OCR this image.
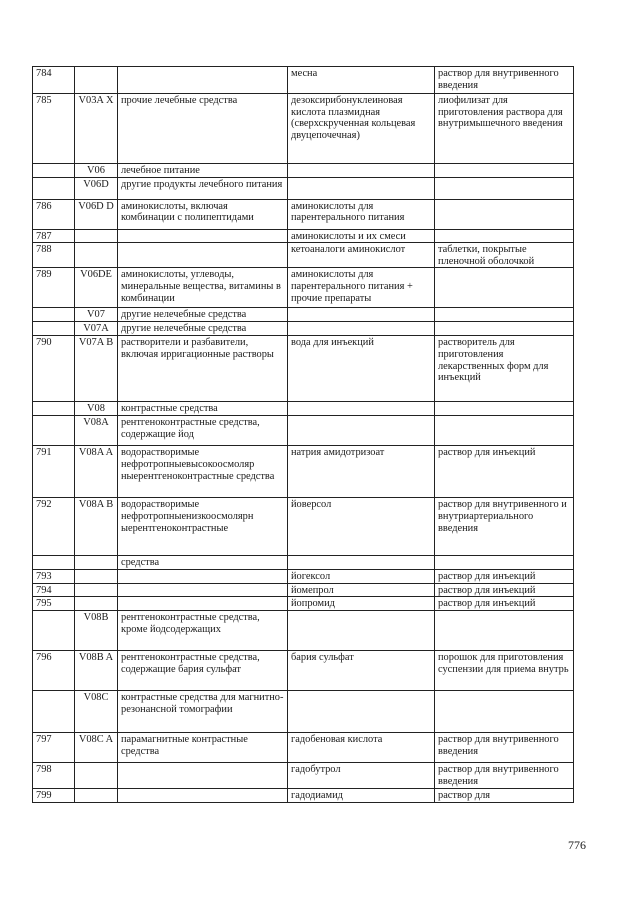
784			месна	раствор для внутривенного введения
785	V03A X	прочие лечебные средства	дезоксирибонуклеиновая кислота плазмидная (сверхскрученная кольцевая двуцепочечная)	лиофилизат для приготовления раствора для внутримышечного введения
	V06	лечебное питание		
	V06D	другие продукты лечебного питания		
786	V06D D	аминокислоты, включая комбинации с полипептидами	аминокислоты для парентерального питания	
787			аминокислоты и их смеси	
788			кетоаналоги аминокислот	таблетки, покрытые пленочной оболочкой
789	V06DE	аминокислоты, углеводы, минеральные вещества, витамины в комбинации	аминокислоты для парентерального питания + прочие препараты	
	V07	другие нелечебные средства		
	V07A	другие нелечебные средства		
790	V07A B	растворители и разбавители, включая ирригационные растворы	вода для инъекций	растворитель для приготовления лекарственных форм для инъекций
	V08	контрастные средства		
	V08A	рентгеноконтрастные средства, содержащие йод		
791	V08A A	водорастворимые нефротропныевысокоосмоляр ныерентгеноконтрастные средства	натрия амидотризоат	раствор для инъекций
792	V08A B	водорастворимые нефротропныенизкоосмолярн ыерентгеноконтрастные	йоверсол	раствор для внутривенного и внутриартериального введения
		средства		
793			йогексол	раствор для инъекций
794			йомепрол	раствор для инъекций
795			йопромид	раствор для инъекций
	V08B	рентгеноконтрастные средства, кроме йодсодержащих		
796	V08B A	рентгеноконтрастные средства, содержащие бария сульфат	бария сульфат	порошок для приготовления суспензии для приема внутрь
	V08C	контрастные средства для магнитно-резонансной томографии		
797	V08C A	парамагнитные контрастные средства	гадобеновая кислота	раствор для внутривенного введения
798			гадобутрол	раствор для внутривенного введения
799			гадодиамид	раствор для
776
